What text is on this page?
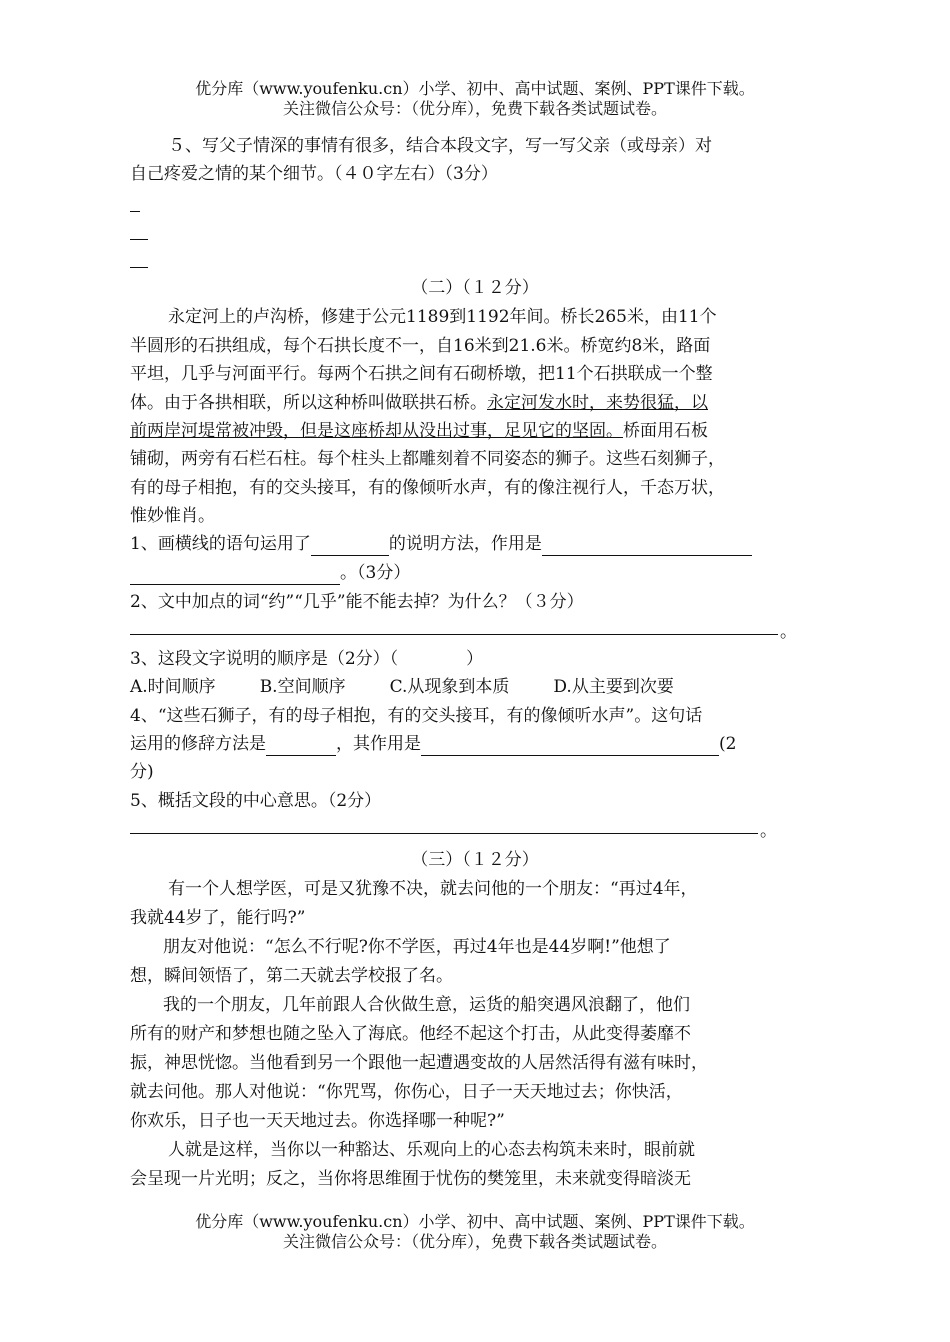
优分库（www.youfenku.cn）小学、初中、高中试题、案例、PPT课件下载。
关注微信公众号：（优分库），免费下载各类试题试卷。
５、写父子情深的事情有很多，结合本段文字，写一写父亲（或母亲）对
自己疼爱之情的某个细节。（４０字左右）（3分）
（二）（１２分）
永定河上的卢沟桥，修建于公元1189到1192年间。桥长265米，由11个
半圆形的石拱组成，每个石拱长度不一，自16米到21.6米。桥宽约8米，路面
平坦，几乎与河面平行。每两个石拱之间有石砌桥墩，把11个石拱联成一个整
体。由于各拱相联，所以这种桥叫做联拱石桥。永定河发水时，来势很猛，以
前两岸河堤常被冲毁，但是这座桥却从没出过事，足见它的坚固。桥面用石板
铺砌，两旁有石栏石柱。每个柱头上都雕刻着不同姿态的狮子。这些石刻狮子，
有的母子相抱，有的交头接耳，有的像倾听水声，有的像注视行人，千态万状，
惟妙惟肖。
1、画横线的语句运用了	的说明方法，作用是
。（3分）
2、文中加点的词“约”“几乎”能不能去掉？为什么？（３分）
。
3、这段文字说明的顺序是（2分）（　　　　）
A.时间顺序	B.空间顺序	C.从现象到本质	D.从主要到次要
4、“这些石狮子，有的母子相抱，有的交头接耳，有的像倾听水声”。这句话
运用的修辞方法是	，其作用是	(2
分)
5、概括文段的中心意思。（2分）
。
（三）（１２分）
有一个人想学医，可是又犹豫不决，就去问他的一个朋友：“再过4年，
我就44岁了，能行吗?”
朋友对他说：“怎么不行呢?你不学医，再过4年也是44岁啊!”他想了
想，瞬间领悟了，第二天就去学校报了名。
我的一个朋友，几年前跟人合伙做生意，运货的船突遇风浪翻了，他们
所有的财产和梦想也随之坠入了海底。他经不起这个打击，从此变得萎靡不
振，神思恍惚。当他看到另一个跟他一起遭遇变故的人居然活得有滋有味时，
就去问他。那人对他说：“你咒骂，你伤心，日子一天天地过去；你快活，
你欢乐，日子也一天天地过去。你选择哪一种呢?”
人就是这样，当你以一种豁达、乐观向上的心态去构筑未来时，眼前就
会呈现一片光明；反之，当你将思维囿于忧伤的樊笼里，未来就变得暗淡无
优分库（www.youfenku.cn）小学、初中、高中试题、案例、PPT课件下载。
关注微信公众号：（优分库），免费下载各类试题试卷。
